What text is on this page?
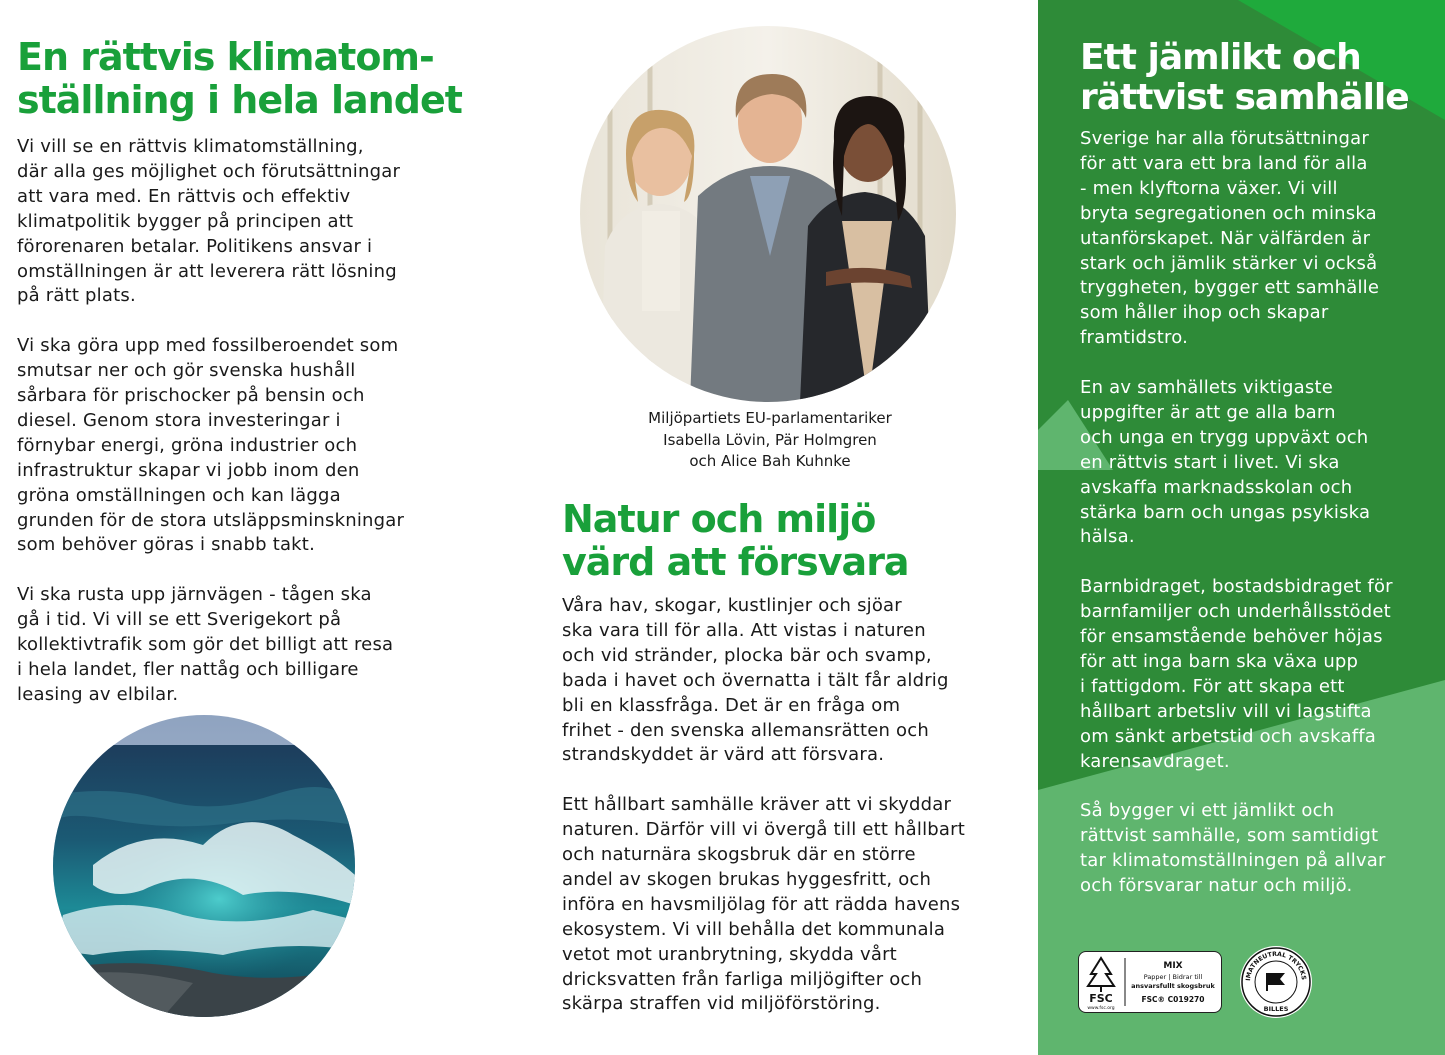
En rättvis klimatom-
ställning i hela landet

Vi vill se en rättvis klimatomställning,
där alla ges möjlighet och förutsättningar
att vara med. En rättvis och effektiv
klimatpolitik bygger på principen att
förorenaren betalar. Politikens ansvar i
omställningen är att leverera rätt lösning
på rätt plats.

Vi ska göra upp med fossilberoendet som
smutsar ner och gör svenska hushåll
sårbara för prischocker på bensin och
diesel. Genom stora investeringar i
förnybar energi, gröna industrier och
infrastruktur skapar vi jobb inom den
gröna omställningen och kan lägga
grunden för de stora utsläppsminskningar
som behöver göras i snabb takt.

Vi ska rusta upp järnvägen - tågen ska
gå i tid. Vi vill se ett Sverigekort på
kollektivtrafik som gör det billigt att resa
i hela landet, fler nattåg och billigare
leasing av elbilar.

Miljöpartiets EU-parlamentariker
Isabella Lövin, Pär Holmgren
och Alice Bah Kuhnke
Natur och miljö
värd att försvara

Våra hav, skogar, kustlinjer och sjöar
ska vara till för alla. Att vistas i naturen
och vid stränder, plocka bär och svamp,
bada i havet och övernatta i tält får aldrig
bli en klassfråga. Det är en fråga om
frihet - den svenska allemansrätten och
strandskyddet är värd att försvara.

Ett hållbart samhälle kräver att vi skyddar
naturen. Därför vill vi övergå till ett hållbart
och naturnära skogsbruk där en större
andel av skogen brukas hyggesfritt, och
införa en havsmiljölag för att rädda havens
ekosystem. Vi vill behålla det kommunala
vetot mot uranbrytning, skydda vårt
dricksvatten från farliga miljögifter och
skärpa straffen vid miljöförstöring.

Ett jämlikt och
rättvist samhälle

Sverige har alla förutsättningar
för att vara ett bra land för alla
- men klyftorna växer. Vi vill
bryta segregationen och minska
utanförskapet. När välfärden är
stark och jämlik stärker vi också
tryggheten, bygger ett samhälle
som håller ihop och skapar
framtidstro.

En av samhällets viktigaste
uppgifter är att ge alla barn
och unga en trygg uppväxt och
en rättvis start i livet. Vi ska
avskaffa marknadsskolan och
stärka barn och ungas psykiska
hälsa.

Barnbidraget, bostadsbidraget för
barnfamiljer och underhållsstödet
för ensamstående behöver höjas
för att inga barn ska växa upp
i fattigdom. För att skapa ett
hållbart arbetsliv vill vi lagstifta
om sänkt arbetstid och avskaffa
karensavdraget.

Så bygger vi ett jämlikt och
rättvist samhälle, som samtidigt
tar klimatomställningen på allvar
och försvarar natur och miljö.

FSC
www.fsc.org
MIX
Papper | Bidrar till
ansvarsfullt skogsbruk
FSC® C019270
IMATNEUTRAL TRYCKS
BILLES
